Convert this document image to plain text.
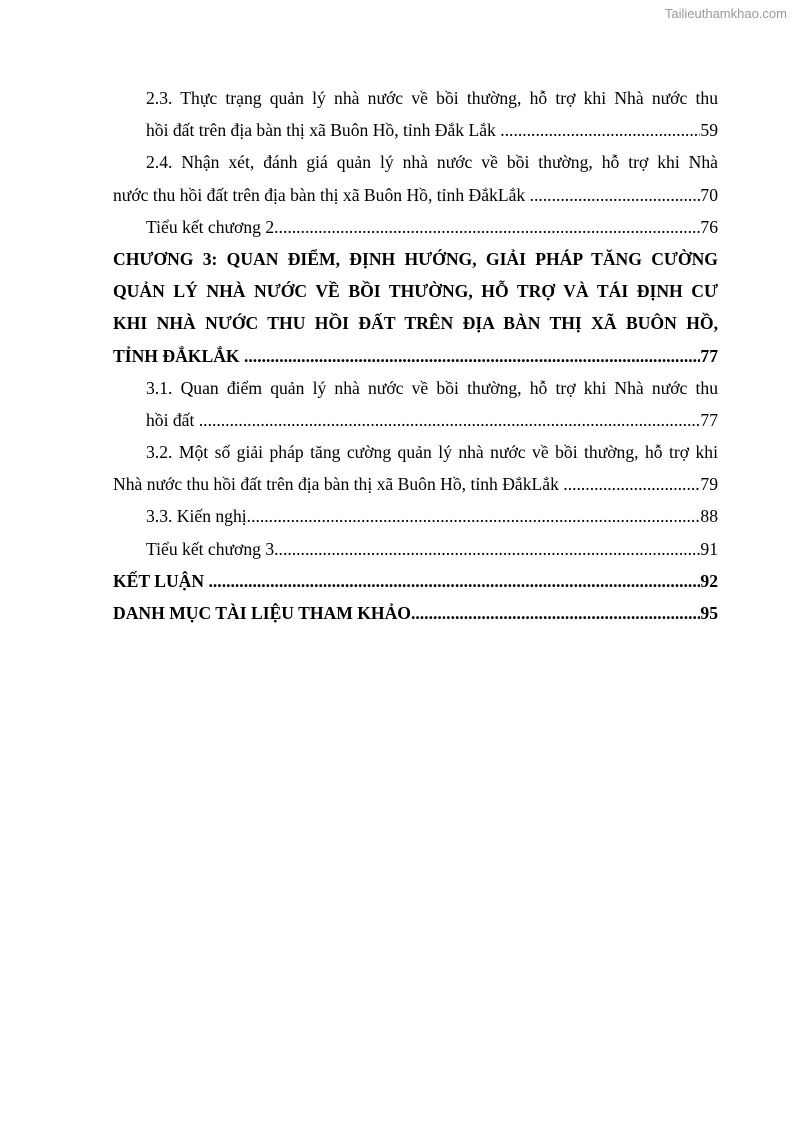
Tailieuthamkhao.com
2.3. Thực trạng quản lý nhà nước về bồi thường, hỗ trợ khi Nhà nước thu
hồi đất trên địa bàn thị xã Buôn Hồ, tỉnh Đắk Lắk .....	59
2.4. Nhận xét, đánh giá quản lý nhà nước về bồi thường, hỗ trợ khi Nhà
nước thu hồi đất trên địa bàn thị xã Buôn Hồ, tỉnh ĐắkLắk .....	70
Tiểu kết chương 2 .....	76
CHƯƠNG 3: QUAN ĐIỂM, ĐỊNH HƯỚNG, GIẢI PHÁP TĂNG CƯỜNG
QUẢN LÝ NHÀ NƯỚC VỀ BỒI THƯỜNG, HỖ TRỢ VÀ TÁI ĐỊNH CƯ
KHI NHÀ NƯỚC THU HỒI ĐẤT TRÊN ĐỊA BÀN THỊ XÃ BUÔN HỒ,
TỈNH ĐẮKLẮK .....	77
3.1. Quan điểm quản lý nhà nước về bồi thường, hỗ trợ khi Nhà nước thu
hồi đất .....	77
3.2. Một số giải pháp tăng cường quản lý nhà nước về bồi thường, hỗ trợ khi
Nhà nước thu hồi đất trên địa bàn thị xã Buôn Hồ, tỉnh ĐắkLắk .....	79
3.3. Kiến nghị .....	88
Tiểu kết chương 3 .....	91
KẾT LUẬN .....	92
DANH MỤC TÀI LIỆU THAM KHẢO .....	95
